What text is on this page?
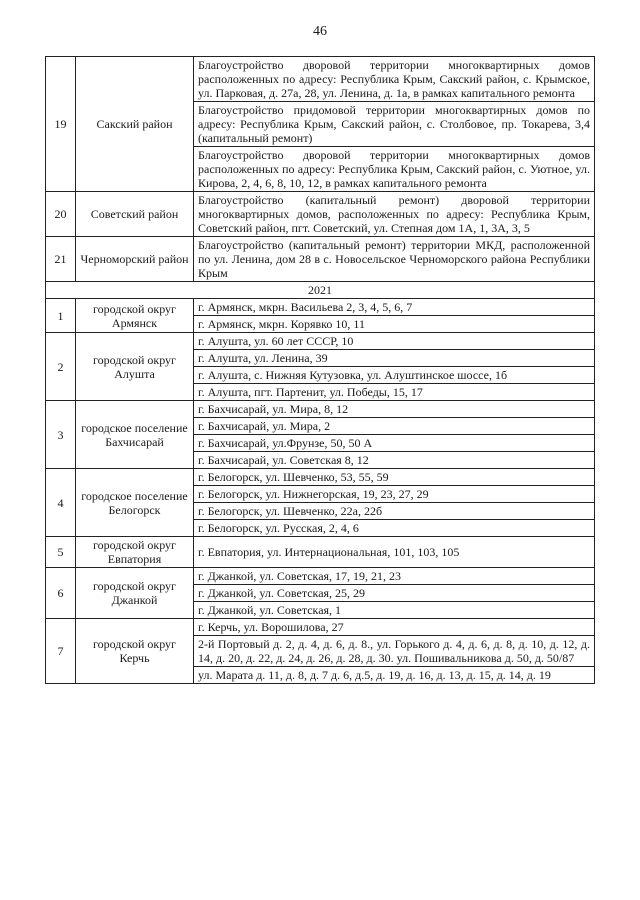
46
19	Сакский район	Благоустройство дворовой территории многоквартирных домов расположенных по адресу: Республика Крым, Сакский район, с. Крымское, ул. Парковая, д. 27а, 28, ул. Ленина, д. 1а, в рамках капитального ремонта
		Благоустройство придомовой территории многоквартирных домов по адресу: Республика Крым, Сакский район, с. Столбовое, пр. Токарева, 3,4 (капитальный ремонт)
		Благоустройство дворовой территории многоквартирных домов расположенных по адресу: Республика Крым, Сакский район, с. Уютное, ул. Кирова, 2, 4, 6, 8, 10, 12, в рамках капитального ремонта
20	Советский район	Благоустройство (капитальный ремонт) дворовой территории многоквартирных домов, расположенных по адресу: Республика Крым, Советский район, пгт. Советский, ул. Степная дом 1А, 1, 3А, 3, 5
21	Черноморский район	Благоустройство (капитальный ремонт) территории МКД, расположенной по ул. Ленина, дом 28 в с. Новосельское Черноморского района Республики Крым
2021		
1	городской округ Армянск	г. Армянск, мкрн. Васильева 2, 3, 4, 5, 6, 7
		г. Армянск, мкрн. Корявко 10, 11
2	городской округ Алушта	г. Алушта, ул. 60 лет СССР, 10
		г. Алушта, ул. Ленина, 39
		г. Алушта, с. Нижняя Кутузовка, ул. Алуштинское шоссе, 1б
		г. Алушта, пгт. Партенит, ул. Победы, 15, 17
3	городское поселение Бахчисарай	г. Бахчисарай, ул. Мира, 8, 12
		г. Бахчисарай, ул. Мира, 2
		г. Бахчисарай, ул.Фрунзе, 50, 50 А
		г. Бахчисарай, ул. Советская 8, 12
4	городское поселение Белогорск	г. Белогорск, ул. Шевченко, 53, 55, 59
		г. Белогорск, ул. Нижнегорская, 19, 23, 27, 29
		г. Белогорск, ул. Шевченко, 22а, 22б
		г. Белогорск, ул. Русская, 2, 4, 6
5	городской округ Евпатория	г. Евпатория, ул. Интернациональная, 101, 103, 105
6	городской округ Джанкой	г. Джанкой, ул. Советская, 17, 19, 21, 23
		г. Джанкой, ул. Советская, 25, 29
		г. Джанкой, ул. Советская, 1
7	городской округ Керчь	г. Керчь, ул. Ворошилова, 27
		2-й Портовый д. 2, д. 4, д. 6, д. 8., ул. Горького д. 4, д. 6, д. 8, д. 10, д. 12, д. 14, д. 20, д. 22, д. 24, д. 26, д. 28, д. 30. ул. Пошивальникова д. 50, д. 50/87
		ул. Марата д. 11, д. 8, д. 7 д. 6, д.5, д. 19, д. 16, д. 13, д. 15, д. 14, д. 19
